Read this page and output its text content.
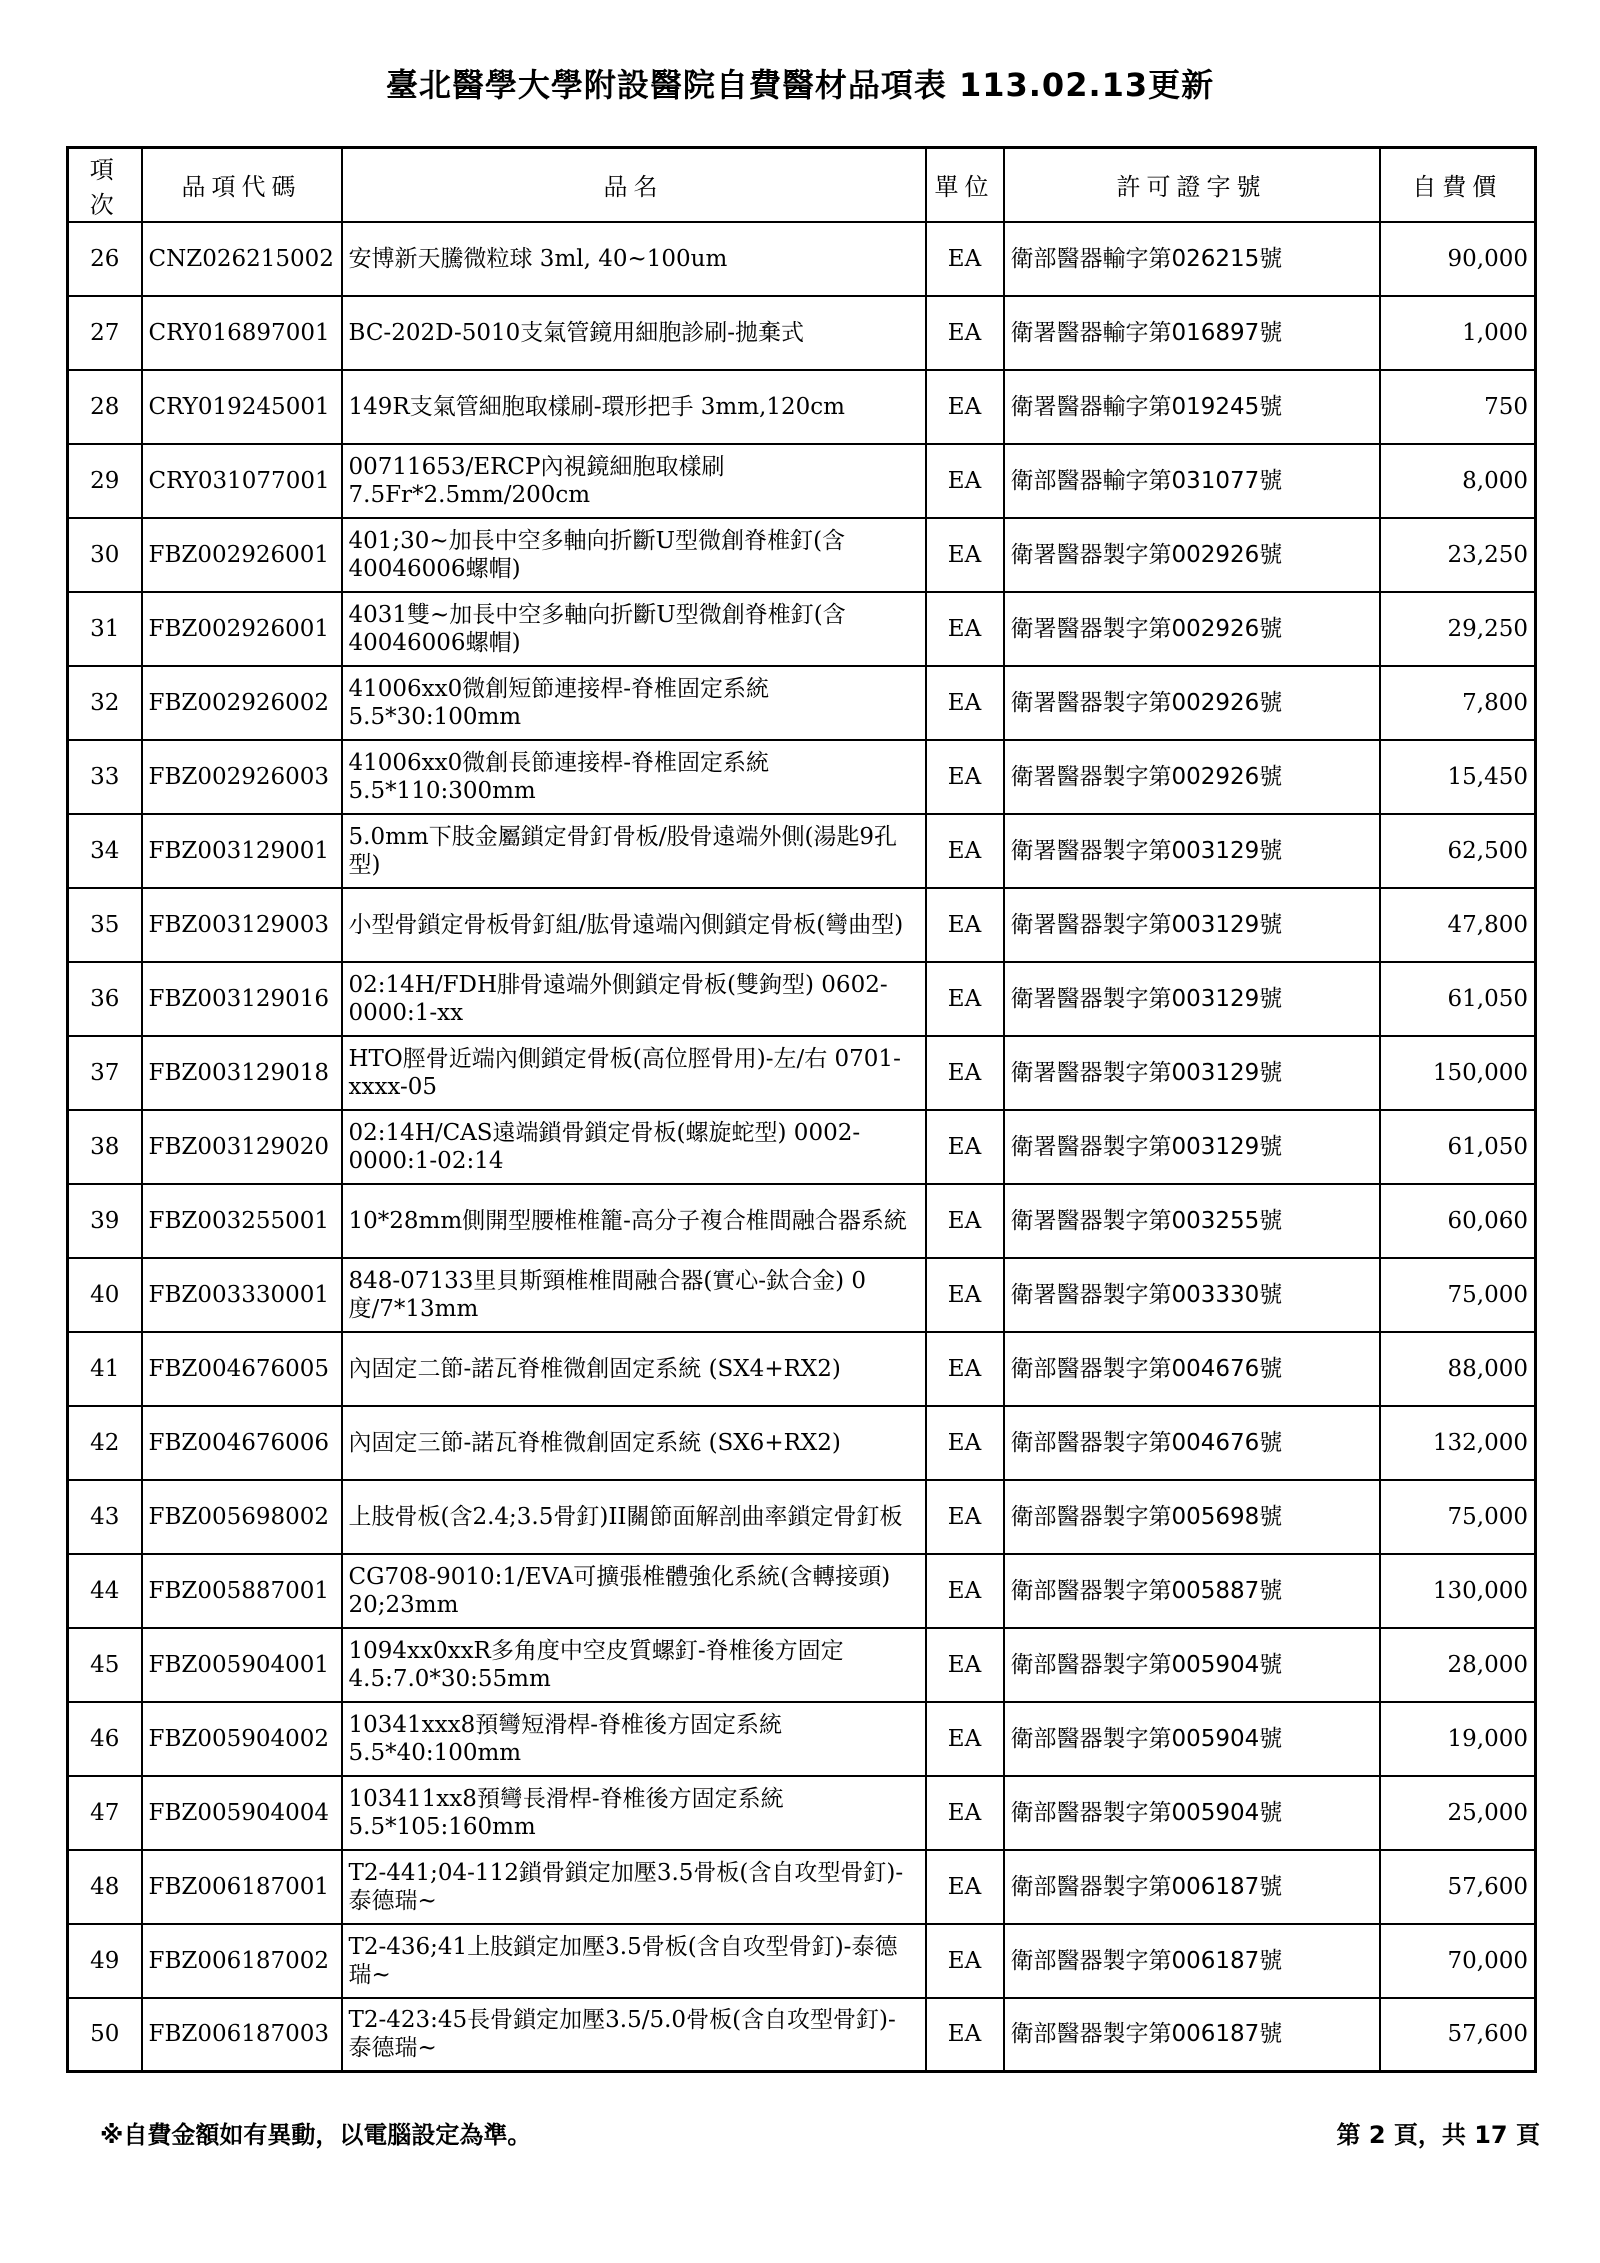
臺北醫學大學附設醫院自費醫材品項表 113.02.13更新
項次	品項代碼	品名	單位	許可證字號	自費價
26	CNZ026215002	安博新天騰微粒球 3ml, 40~100um	EA	衛部醫器輸字第026215號	90,000
27	CRY016897001	BC-202D-5010支氣管鏡用細胞診刷-拋棄式	EA	衛署醫器輸字第016897號	1,000
28	CRY019245001	149R支氣管細胞取樣刷-環形把手 3mm,120cm	EA	衛署醫器輸字第019245號	750
29	CRY031077001	00711653/ERCP內視鏡細胞取樣刷 7.5Fr*2.5mm/200cm	EA	衛部醫器輸字第031077號	8,000
30	FBZ002926001	401;30~加長中空多軸向折斷U型微創脊椎釘(含40046006螺帽)	EA	衛署醫器製字第002926號	23,250
31	FBZ002926001	4031雙~加長中空多軸向折斷U型微創脊椎釘(含40046006螺帽)	EA	衛署醫器製字第002926號	29,250
32	FBZ002926002	41006xx0微創短節連接桿-脊椎固定系統 5.5*30:100mm	EA	衛署醫器製字第002926號	7,800
33	FBZ002926003	41006xx0微創長節連接桿-脊椎固定系統 5.5*110:300mm	EA	衛署醫器製字第002926號	15,450
34	FBZ003129001	5.0mm下肢金屬鎖定骨釘骨板/股骨遠端外側(湯匙9孔型)	EA	衛署醫器製字第003129號	62,500
35	FBZ003129003	小型骨鎖定骨板骨釘組/肱骨遠端內側鎖定骨板(彎曲型)	EA	衛署醫器製字第003129號	47,800
36	FBZ003129016	02:14H/FDH腓骨遠端外側鎖定骨板(雙鉤型) 0602-0000:1-xx	EA	衛署醫器製字第003129號	61,050
37	FBZ003129018	HTO脛骨近端內側鎖定骨板(高位脛骨用)-左/右 0701-xxxx-05	EA	衛署醫器製字第003129號	150,000
38	FBZ003129020	02:14H/CAS遠端鎖骨鎖定骨板(螺旋蛇型) 0002-0000:1-02:14	EA	衛署醫器製字第003129號	61,050
39	FBZ003255001	10*28mm側開型腰椎椎籠-高分子複合椎間融合器系統	EA	衛署醫器製字第003255號	60,060
40	FBZ003330001	848-07133里貝斯頸椎椎間融合器(實心-鈦合金) 0度/7*13mm	EA	衛署醫器製字第003330號	75,000
41	FBZ004676005	內固定二節-諾瓦脊椎微創固定系統 (SX4+RX2)	EA	衛部醫器製字第004676號	88,000
42	FBZ004676006	內固定三節-諾瓦脊椎微創固定系統 (SX6+RX2)	EA	衛部醫器製字第004676號	132,000
43	FBZ005698002	上肢骨板(含2.4;3.5骨釘)II關節面解剖曲率鎖定骨釘板	EA	衛部醫器製字第005698號	75,000
44	FBZ005887001	CG708-9010:1/EVA可擴張椎體強化系統(含轉接頭) 20;23mm	EA	衛部醫器製字第005887號	130,000
45	FBZ005904001	1094xx0xxR多角度中空皮質螺釘-脊椎後方固定 4.5:7.0*30:55mm	EA	衛部醫器製字第005904號	28,000
46	FBZ005904002	10341xxx8預彎短滑桿-脊椎後方固定系統 5.5*40:100mm	EA	衛部醫器製字第005904號	19,000
47	FBZ005904004	103411xx8預彎長滑桿-脊椎後方固定系統 5.5*105:160mm	EA	衛部醫器製字第005904號	25,000
48	FBZ006187001	T2-441;04-112鎖骨鎖定加壓3.5骨板(含自攻型骨釘)-泰德瑞~	EA	衛部醫器製字第006187號	57,600
49	FBZ006187002	T2-436;41上肢鎖定加壓3.5骨板(含自攻型骨釘)-泰德瑞~	EA	衛部醫器製字第006187號	70,000
50	FBZ006187003	T2-423:45長骨鎖定加壓3.5/5.0骨板(含自攻型骨釘)-泰德瑞~	EA	衛部醫器製字第006187號	57,600
※自費金額如有異動，以電腦設定為準。	第 2 頁，共 17 頁
